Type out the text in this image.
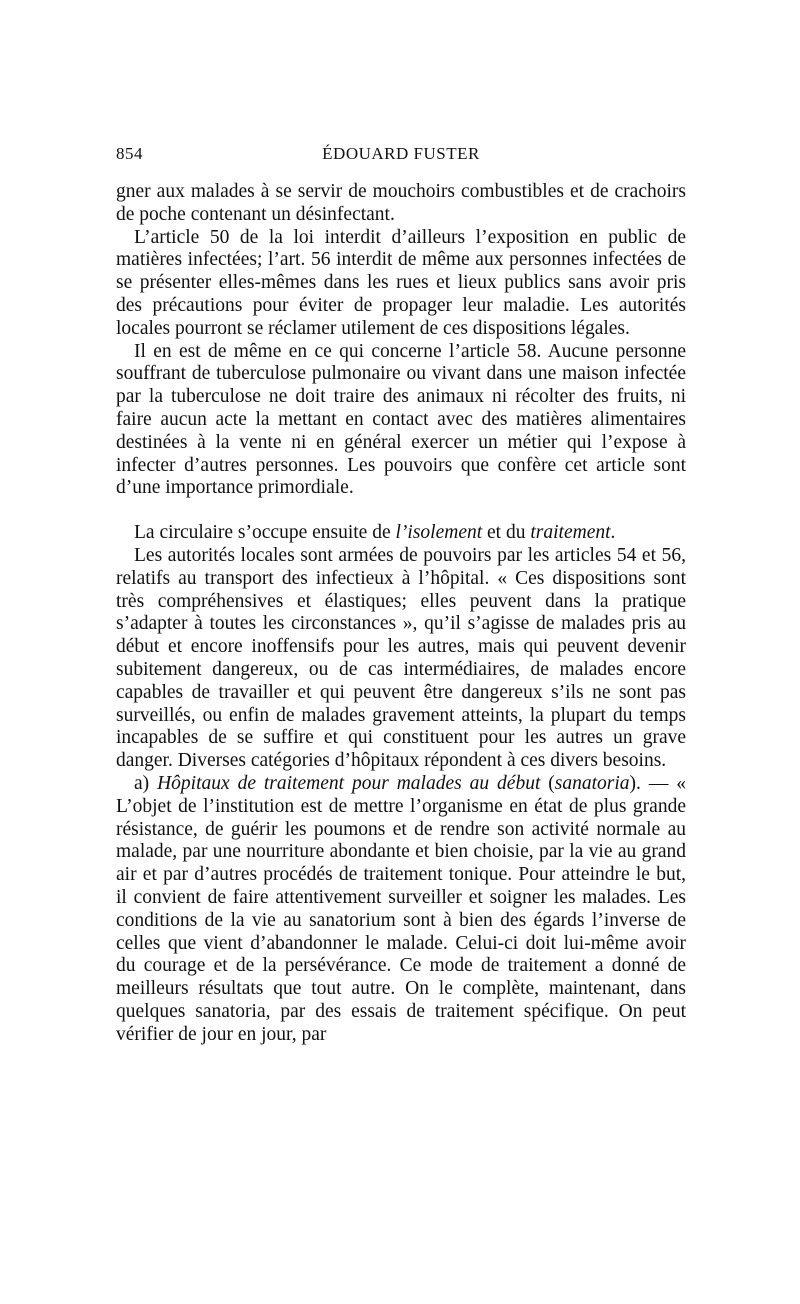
854	ÉDOUARD FUSTER

gner aux malades à se servir de mouchoirs combustibles et de crachoirs de poche contenant un désinfectant.

L’article 50 de la loi interdit d’ailleurs l’exposition en public de matières infectées; l’art. 56 interdit de même aux personnes infectées de se présenter elles-mêmes dans les rues et lieux publics sans avoir pris des précautions pour éviter de propager leur maladie. Les autorités locales pourront se réclamer utilement de ces dispositions légales.

Il en est de même en ce qui concerne l’article 58. Aucune personne souffrant de tuberculose pulmonaire ou vivant dans une maison infectée par la tuberculose ne doit traire des animaux ni récolter des fruits, ni faire aucun acte la mettant en contact avec des matières alimentaires destinées à la vente ni en général exercer un métier qui l’expose à infecter d’autres personnes. Les pouvoirs que confère cet article sont d’une importance primordiale.

La circulaire s’occupe ensuite de l’isolement et du traitement.

Les autorités locales sont armées de pouvoirs par les articles 54 et 56, relatifs au transport des infectieux à l’hôpital. « Ces dispositions sont très compréhensives et élastiques; elles peuvent dans la pratique s’adapter à toutes les circonstances », qu’il s’agisse de malades pris au début et encore inoffensifs pour les autres, mais qui peuvent devenir subitement dangereux, ou de cas intermédiaires, de malades encore capables de travailler et qui peuvent être dangereux s’ils ne sont pas surveillés, ou enfin de malades gravement atteints, la plupart du temps incapables de se suffire et qui constituent pour les autres un grave danger. Diverses catégories d’hôpitaux répondent à ces divers besoins.

a) Hôpitaux de traitement pour malades au début (sanatoria). — « L’objet de l’institution est de mettre l’organisme en état de plus grande résistance, de guérir les poumons et de rendre son activité normale au malade, par une nourriture abondante et bien choisie, par la vie au grand air et par d’autres procédés de traitement tonique. Pour atteindre le but, il convient de faire attentivement surveiller et soigner les malades. Les conditions de la vie au sanatorium sont à bien des égards l’inverse de celles que vient d’abandonner le malade. Celui-ci doit lui-même avoir du courage et de la persévérance. Ce mode de traitement a donné de meilleurs résultats que tout autre. On le complète, maintenant, dans quelques sanatoria, par des essais de traitement spécifique. On peut vérifier de jour en jour, par
